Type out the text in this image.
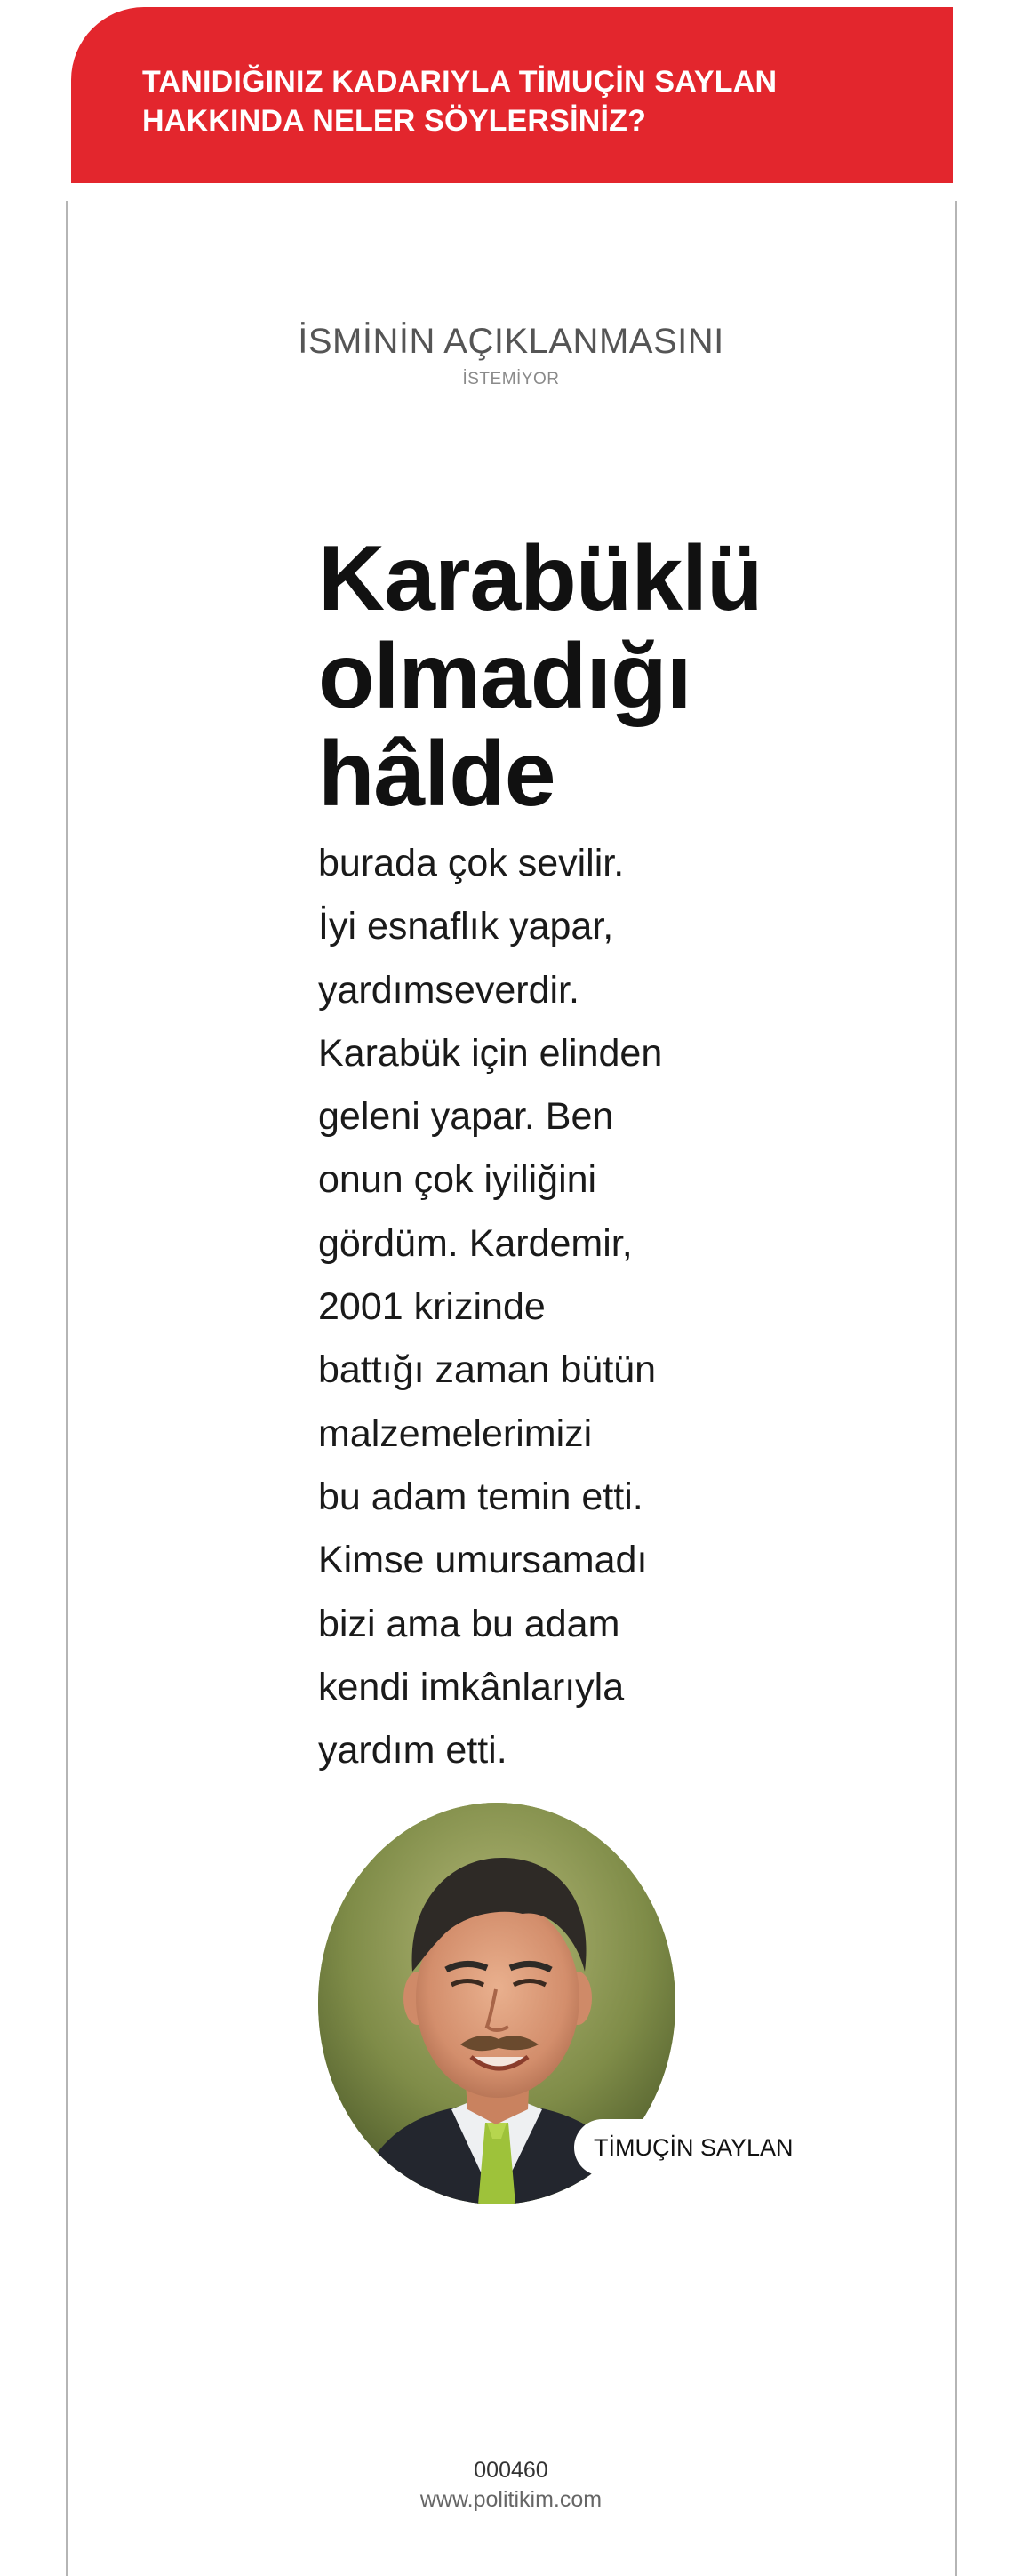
TANIDIĞINIZ KADARIYLA TİMUÇİN SAYLAN
HAKKINDA NELER SÖYLERSİNİZ?
İSMİNİN AÇIKLANMASINI
İSTEMİYOR
Karabüklü
olmadığı
hâlde
burada çok sevilir.
İyi esnaflık yapar,
yardımseverdir.
Karabük için elinden
geleni yapar. Ben
onun çok iyiliğini
gördüm. Kardemir,
2001 krizinde
battığı zaman bütün
malzemelerimizi
bu adam temin etti.
Kimse umursamadı
bizi ama bu adam
kendi imkânlarıyla
yardım etti.
TİMUÇİN SAYLAN
000460
www.politikim.com
